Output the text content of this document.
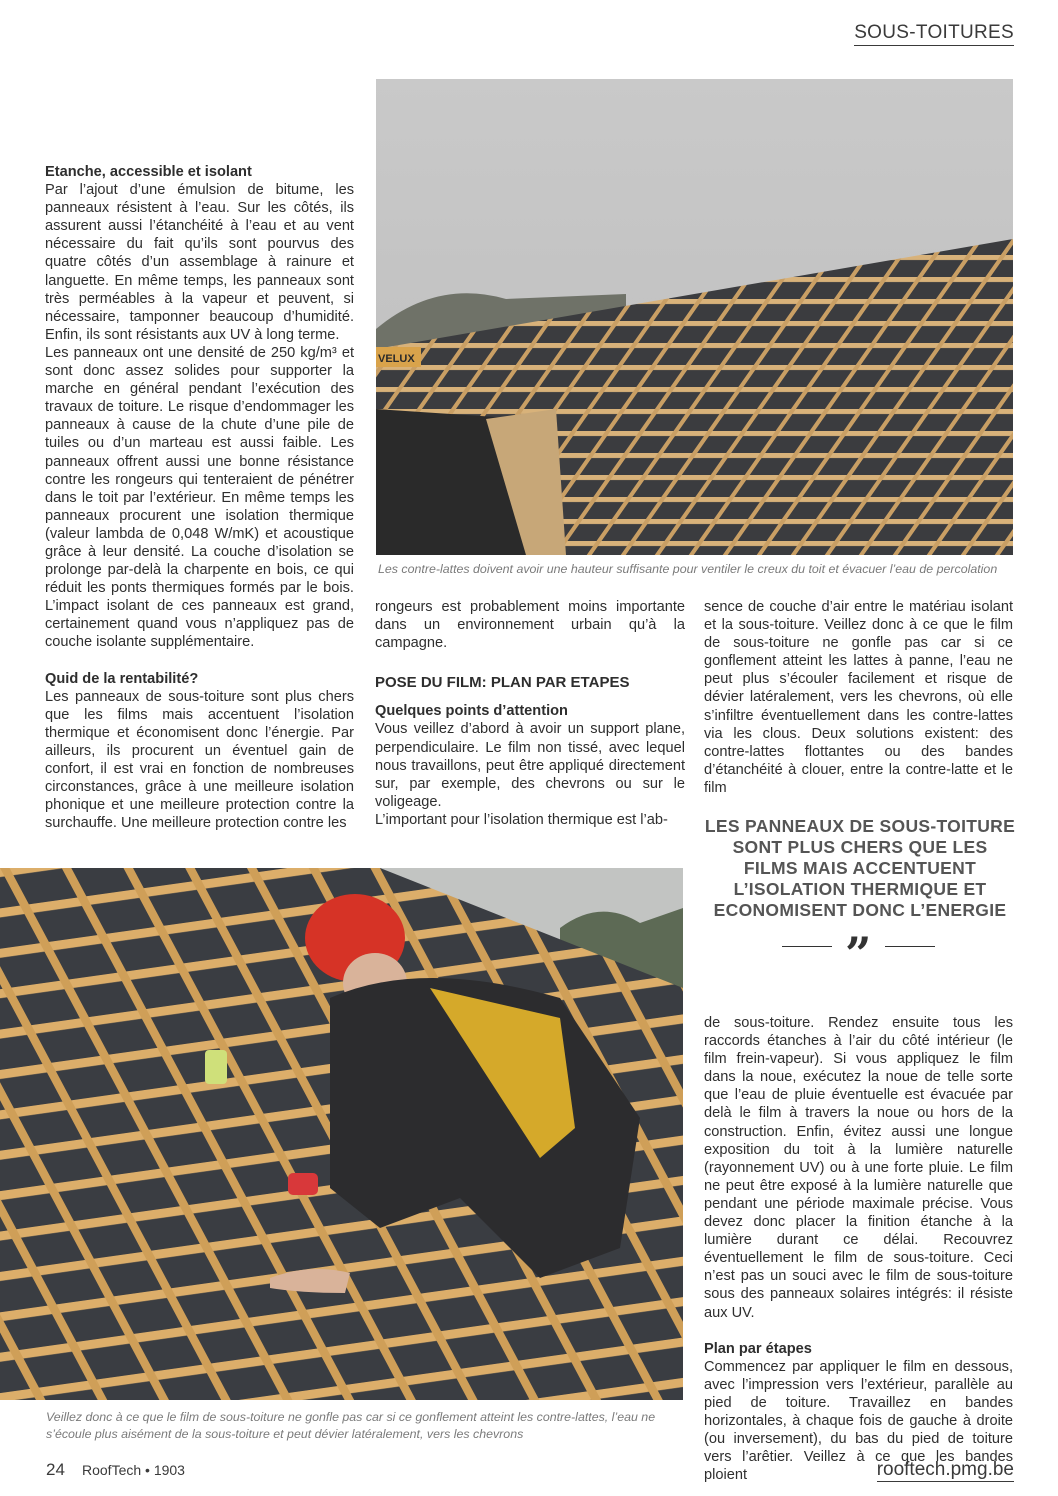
SOUS-TOITURES
VELUX
Les contre-lattes doivent avoir une hauteur suffisante pour ventiler le creux du toit et évacuer l’eau de percolation

Etanche, accessible et isolant

Par l’ajout d’une émulsion de bitume, les panneaux résistent à l’eau. Sur les côtés, ils assurent aussi l’étanchéité à l’eau et au vent nécessaire du fait qu’ils sont pourvus des quatre côtés d’un assemblage à rainure et languette. En même temps, les panneaux sont très perméables à la vapeur et peuvent, si nécessaire, tamponner beaucoup d’humidité. Enfin, ils sont résistants aux UV à long terme.

Les panneaux ont une densité de 250 kg/m³ et sont donc assez solides pour supporter la marche en général pendant l’exécution des travaux de toiture. Le risque d’endommager les panneaux à cause de la chute d’une pile de tuiles ou d’un marteau est aussi faible. Les panneaux offrent aussi une bonne résistance contre les rongeurs qui tenteraient de pénétrer dans le toit par l’extérieur. En même temps les panneaux procurent une isolation thermique (valeur lambda de 0,048 W/mK) et acoustique grâce à leur densité. La couche d’isolation se prolonge par-delà la charpente en bois, ce qui réduit les ponts thermiques formés par le bois. L’impact isolant de ces panneaux est grand, certainement quand vous n’appliquez pas de couche isolante supplémentaire.

Quid de la rentabilité?

Les panneaux de sous-toiture sont plus chers que les films mais accentuent l’isolation thermique et économisent donc l’énergie. Par ailleurs, ils procurent un éventuel gain de confort, il est vrai en fonction de nombreuses circonstances, grâce à une meilleure isolation phonique et une meilleure protection contre la surchauffe. Une meilleure protection contre les

rongeurs est probablement moins importante dans un environnement urbain qu’à la campagne.

POSE DU FILM: PLAN PAR ETAPES

Quelques points d’attention

Vous veillez d’abord à avoir un support plane, perpendiculaire. Le film non tissé, avec lequel nous travaillons, peut être appliqué directement sur, par exemple, des chevrons ou sur le voligeage.

L’important pour l’isolation thermique est l’ab-

sence de couche d’air entre le matériau isolant et la sous-toiture. Veillez donc à ce que le film de sous-toiture ne gonfle pas car si ce gonflement atteint les lattes à panne, l’eau ne peut plus s’écouler facilement et risque de dévier latéralement, vers les chevrons, où elle s’infiltre éventuellement dans les contre-lattes via les clous. Deux solutions existent: des contre-lattes flottantes ou des bandes d’étanchéité à clouer, entre la contre-latte et le film

LES PANNEAUX DE SOUS-TOITURE SONT PLUS CHERS QUE LES FILMS MAIS ACCENTUENT L’ISOLATION THERMIQUE ET ECONOMISENT DONC L’ENERGIE
”

de sous-toiture. Rendez ensuite tous les raccords étanches à l’air du côté intérieur (le film frein-vapeur). Si vous appliquez le film dans la noue, exécutez la noue de telle sorte que l’eau de pluie éventuelle est évacuée par delà le film à travers la noue ou hors de la construction. Enfin, évitez aussi une longue exposition du toit à la lumière naturelle (rayonnement UV) ou à une forte pluie. Le film ne peut être exposé à la lumière naturelle que pendant une période maximale précise. Vous devez donc placer la finition étanche à la lumière durant ce délai. Recouvrez éventuellement le film de sous-toiture. Ceci n’est pas un souci avec le film de sous-toiture sous des panneaux solaires intégrés: il résiste aux UV.

Plan par étapes

Commencez par appliquer le film en dessous, avec l’impression vers l’extérieur, parallèle au pied de toiture. Travaillez en bandes horizontales, à chaque fois de gauche à droite (ou inversement), du bas du pied de toiture vers l’arêtier. Veillez à ce que les bandes ploient

Veillez donc à ce que le film de sous-toiture ne gonfle pas car si ce gonflement atteint les contre-lattes, l’eau ne
s’écoule plus aisément de la sous-toiture et peut dévier latéralement, vers les chevrons
24 RoofTech • 1903	rooftech.pmg.be
